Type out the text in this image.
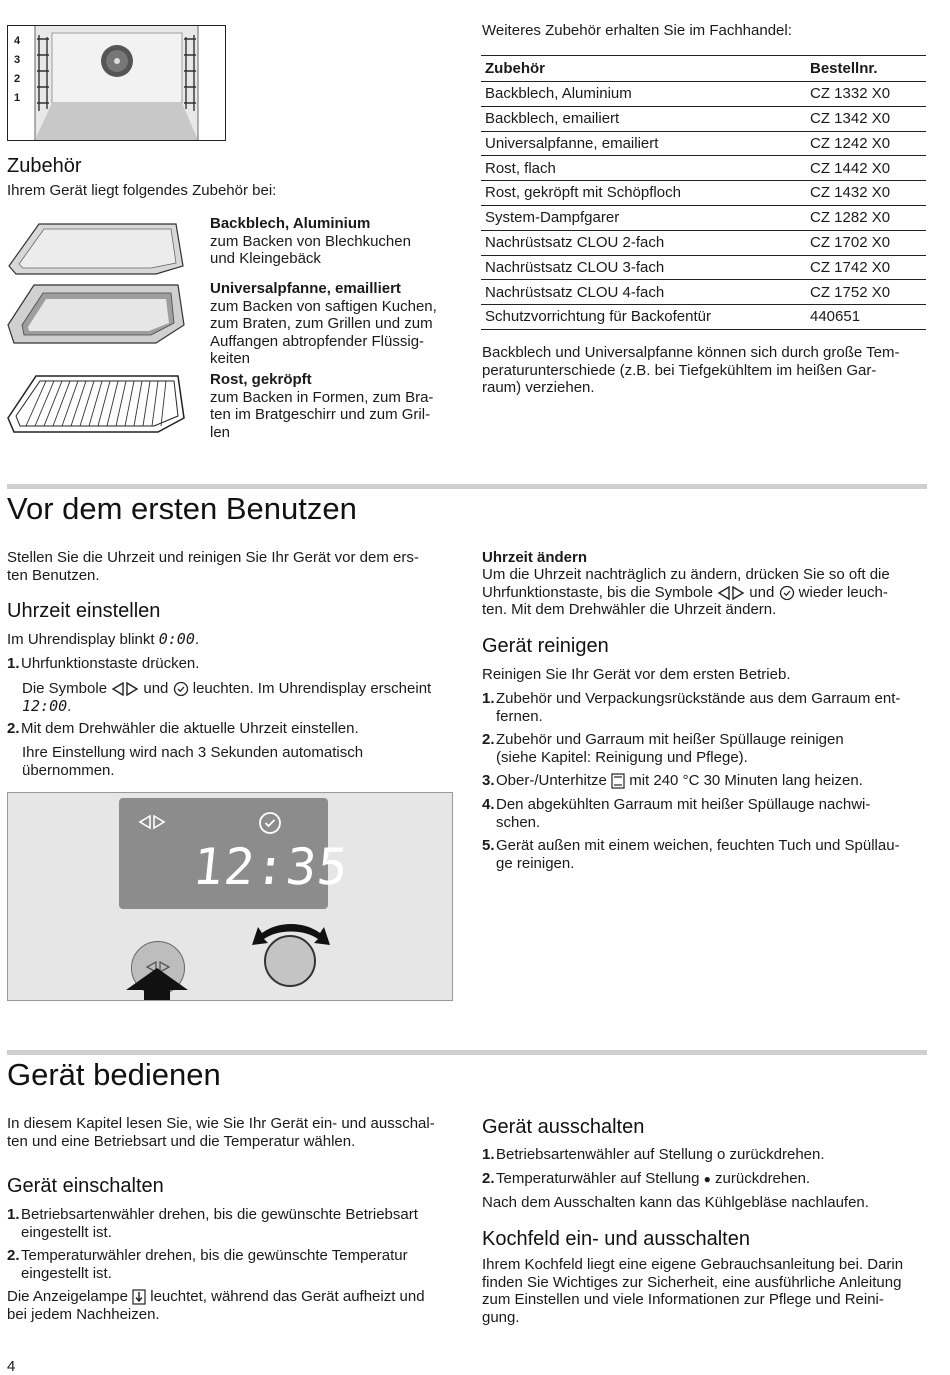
4
3
2
1
Zubehör
Ihrem Gerät liegt folgendes Zubehör bei:
Backblech, Aluminium
zum Backen von Blechkuchen
und Kleingebäck
Universalpfanne, emailliert
zum Backen von saftigen Kuchen,
zum Braten, zum Grillen und zum
Auffangen abtropfender Flüssig-
keiten
Rost, gekröpft
zum Backen in Formen, zum Bra-
ten im Bratgeschirr und zum Gril-
len
Weiteres Zubehör erhalten Sie im Fachhandel:
Zubehör	Bestellnr.
Backblech, Aluminium	CZ 1332 X0
Backblech, emailiert	CZ 1342 X0
Universalpfanne, emailiert	CZ 1242 X0
Rost, flach	CZ 1442 X0
Rost, gekröpft mit Schöpfloch	CZ 1432 X0
System-Dampfgarer	CZ 1282 X0
Nachrüstsatz CLOU 2-fach	CZ 1702 X0
Nachrüstsatz CLOU 3-fach	CZ 1742 X0
Nachrüstsatz CLOU 4-fach	CZ 1752 X0
Schutzvorrichtung für Backofentür	440651
Backblech und Universalpfanne können sich durch große Tem-
peraturunterschiede (z.B. bei Tiefgekühltem im heißen Gar-
raum) verziehen.
Vor dem ersten Benutzen
Stellen Sie die Uhrzeit und reinigen Sie Ihr Gerät vor dem ers-
ten Benutzen.
Uhrzeit einstellen
Im Uhrendisplay blinkt 0:00.
1. Uhrfunktionstaste drücken.
Die Symbole  und  leuchten. Im Uhrendisplay erscheint
12:00.
2. Mit dem Drehwähler die aktuelle Uhrzeit einstellen.
Ihre Einstellung wird nach 3 Sekunden automatisch
übernommen.
12:35
Uhrzeit ändern
Um die Uhrzeit nachträglich zu ändern, drücken Sie so oft die
Uhrfunktionstaste, bis die Symbole  und  wieder leuch-
ten. Mit dem Drehwähler die Uhrzeit ändern.
Gerät reinigen
Reinigen Sie Ihr Gerät vor dem ersten Betrieb.
1. Zubehör und Verpackungsrückstände aus dem Garraum ent-
fernen.
2. Zubehör und Garraum mit heißer Spüllauge reinigen
(siehe Kapitel: Reinigung und Pflege).
3. Ober-/Unterhitze  mit 240 °C 30 Minuten lang heizen.
4. Den abgekühlten Garraum mit heißer Spüllauge nachwi-
schen.
5. Gerät außen mit einem weichen, feuchten Tuch und Spüllau-
ge reinigen.
Gerät bedienen
In diesem Kapitel lesen Sie, wie Sie Ihr Gerät ein- und ausschal-
ten und eine Betriebsart und die Temperatur wählen.
Gerät einschalten
1. Betriebsartenwähler drehen, bis die gewünschte Betriebsart
eingestellt ist.
2. Temperaturwähler drehen, bis die gewünschte Temperatur
eingestellt ist.
Die Anzeigelampe  leuchtet, während das Gerät aufheizt und
bei jedem Nachheizen.
Gerät ausschalten
1. Betriebsartenwähler auf Stellung o zurückdrehen.
2. Temperaturwähler auf Stellung ● zurückdrehen.
Nach dem Ausschalten kann das Kühlgebläse nachlaufen.
Kochfeld ein- und ausschalten
Ihrem Kochfeld liegt eine eigene Gebrauchsanleitung bei. Darin
finden Sie Wichtiges zur Sicherheit, eine ausführliche Anleitung
zum Einstellen und viele Informationen zur Pflege und Reini-
gung.
4
